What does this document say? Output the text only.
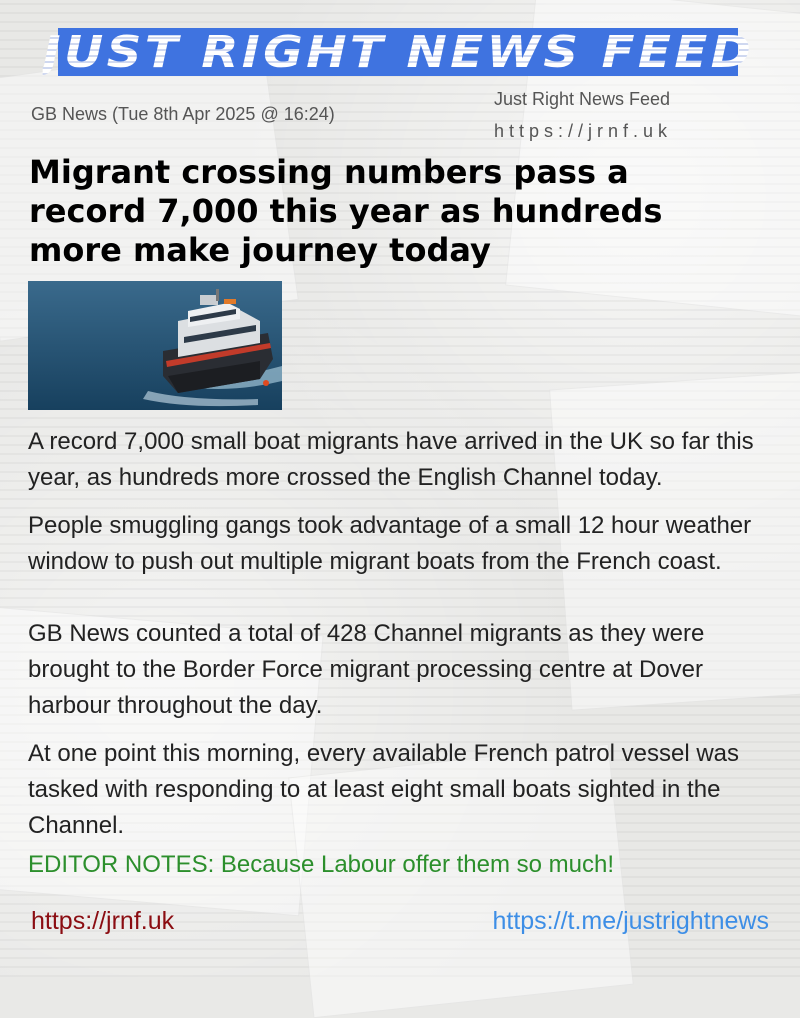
JUST RIGHT NEWS FEED
GB News (Tue 8th Apr 2025 @ 16:24)
Just Right News Feed
https://jrnf.uk
Migrant crossing numbers pass a record 7,000 this year as hundreds more make journey today

A record 7,000 small boat migrants have arrived in the UK so far this year, as hundreds more crossed the English Channel today.

People smuggling gangs took advantage of a small 12 hour weather window to push out multiple migrant boats from the French coast.

GB News counted a total of 428 Channel migrants as they were brought to the Border Force migrant processing centre at Dover harbour throughout the day.

At one point this morning, every available French patrol vessel was tasked with responding to at least eight small boats sighted in the Channel.

EDITOR NOTES: Because Labour offer them so much!
https://jrnf.uk	https://t.me/justrightnews
